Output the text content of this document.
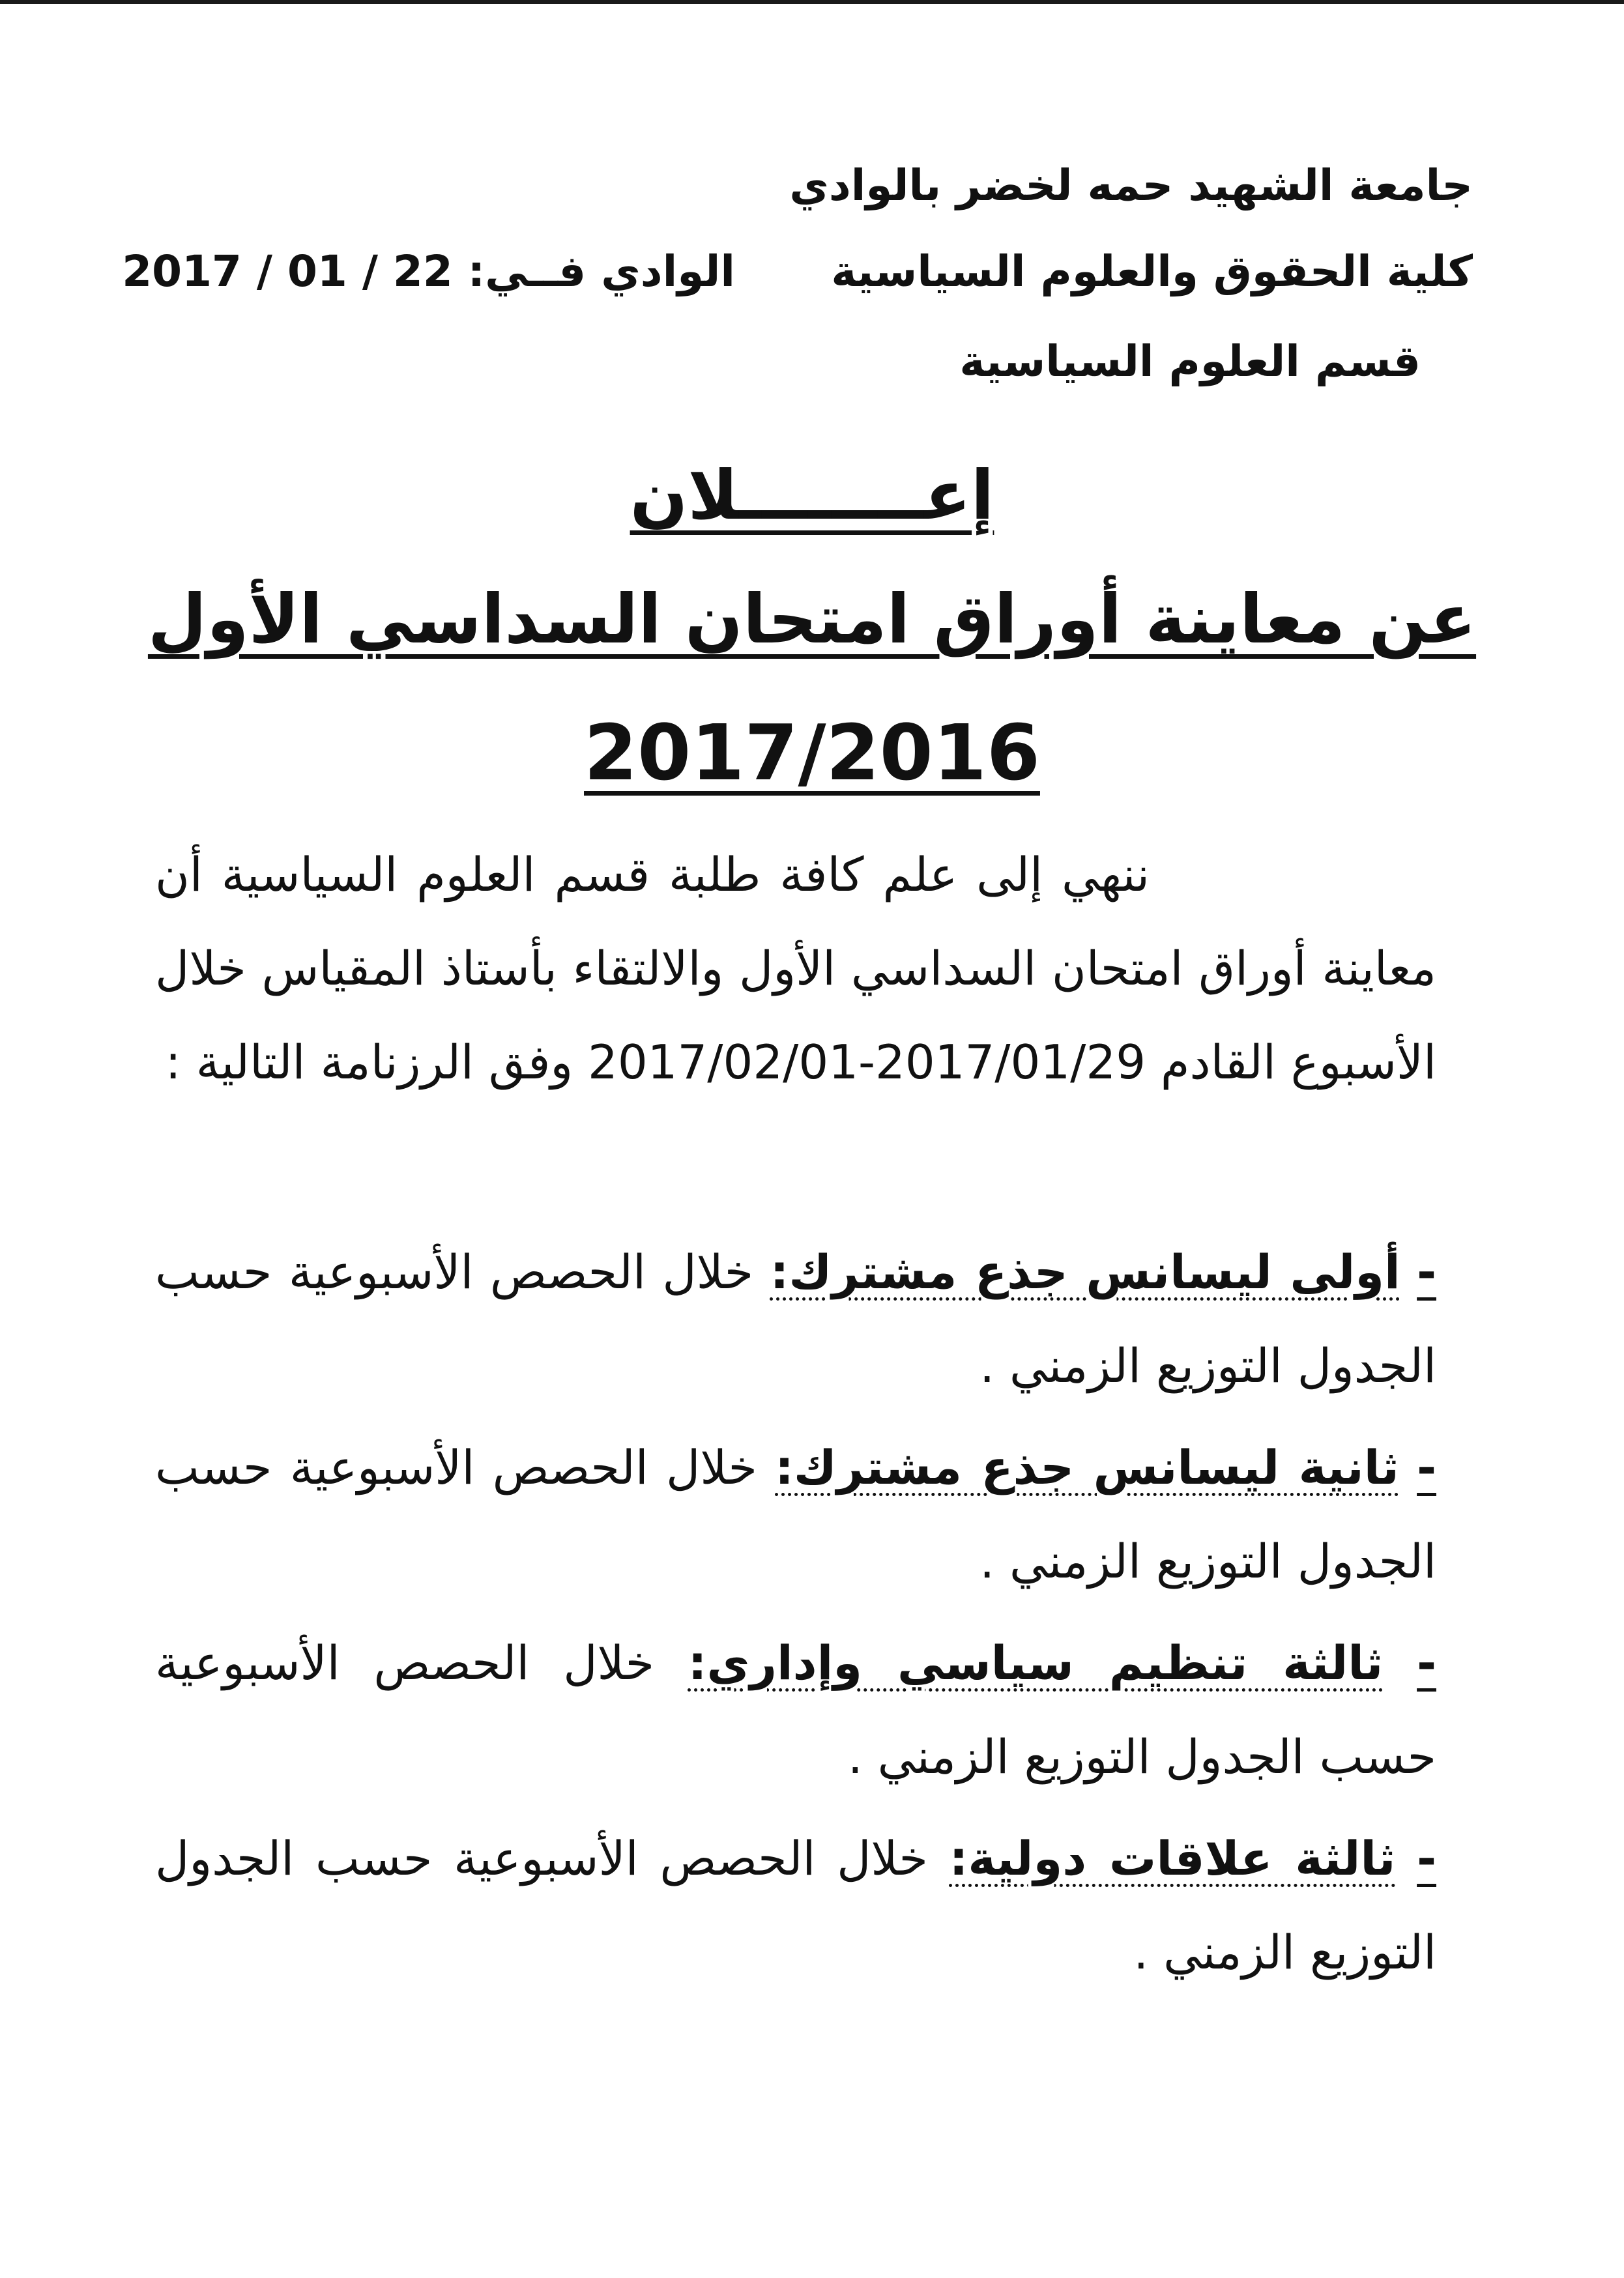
جامعة الشهيد حمه لخضر بالوادي
كلية الحقوق والعلوم السياسية
قسم العلوم السياسية
الوادي فــي: 22 / 01 / 2017
إعــــــــلان
عن معاينة أوراق امتحان السداسي الأول
2017/2016
ننهي إلى علم كافة طلبة قسم العلوم السياسية أن معاينة أوراق امتحان السداسي الأول والالتقاء بأستاذ المقياس خلال الأسبوع القادم 2017/02/01-2017/01/29 وفق الرزنامة التالية :
- أولى ليسانس جذع مشترك: خلال الحصص الأسبوعية حسب الجدول التوزيع الزمني .
- ثانية ليسانس جذع مشترك: خلال الحصص الأسبوعية حسب الجدول التوزيع الزمني .
- ثالثة تنظيم سياسي وإداري: خلال الحصص الأسبوعية حسب الجدول التوزيع الزمني .
- ثالثة علاقات دولية: خلال الحصص الأسبوعية حسب الجدول التوزيع الزمني .
